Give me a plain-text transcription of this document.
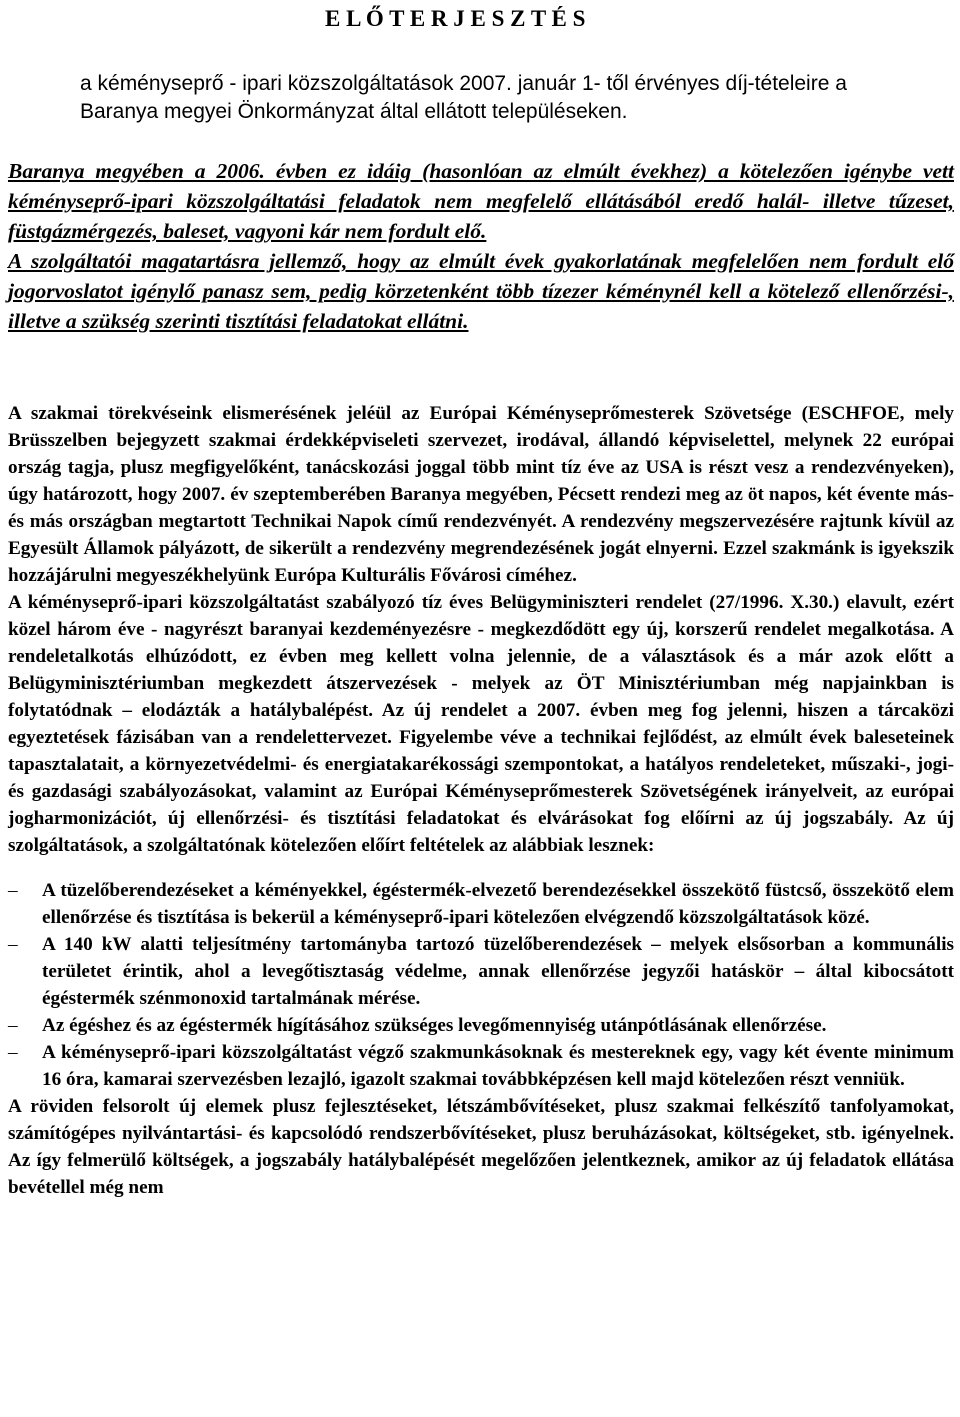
E L Ő T E R J E S Z T É S
a kéményseprő - ipari közszolgáltatások 2007. január 1- től érvényes díj-tételeire a Baranya megyei Önkormányzat által ellátott településeken.

Baranya megyében a 2006. évben ez idáig (hasonlóan az elmúlt évekhez) a kötelezően igénybe vett kéményseprő-ipari közszolgáltatási feladatok nem megfelelő ellátásából eredő halál- illetve tűzeset, füstgázmérgezés, baleset, vagyoni kár nem fordult elő.

A szolgáltatói magatartásra jellemző, hogy az elmúlt évek gyakorlatának megfelelően nem fordult elő jogorvoslatot igénylő panasz sem, pedig körzetenként több tízezer kéménynél kell a kötelező ellenőrzési-, illetve a szükség szerinti tisztítási feladatokat ellátni.

A szakmai törekvéseink elismerésének jeléül az Európai Kéményseprőmesterek Szövetsége (ESCHFOE, mely Brüsszelben bejegyzett szakmai érdekképviseleti szervezet, irodával, állandó képviselettel, melynek 22 európai ország tagja, plusz megfigyelőként, tanácskozási joggal több mint tíz éve az USA is részt vesz a rendezvényeken), úgy határozott, hogy 2007. év szeptemberében Baranya megyében, Pécsett rendezi meg az öt napos, két évente más- és más országban megtartott Technikai Napok című rendezvényét. A rendezvény megszervezésére rajtunk kívül az Egyesült Államok pályázott, de sikerült a rendezvény megrendezésének jogát elnyerni. Ezzel szakmánk is igyekszik hozzájárulni megyeszékhelyünk Európa Kulturális Fővárosi címéhez.

A kéményseprő-ipari közszolgáltatást szabályozó tíz éves Belügyminiszteri rendelet (27/1996. X.30.) elavult, ezért közel három éve - nagyrészt baranyai kezdeményezésre - megkezdődött egy új, korszerű rendelet megalkotása. A rendeletalkotás elhúzódott, ez évben meg kellett volna jelennie, de a választások és a már azok előtt a Belügyminisztériumban megkezdett átszervezések - melyek az ÖT Minisztériumban még napjainkban is folytatódnak – elodázták a hatálybalépést. Az új rendelet a 2007. évben meg fog jelenni, hiszen a tárcaközi egyeztetések fázisában van a rendelettervezet. Figyelembe véve a technikai fejlődést, az elmúlt évek baleseteinek tapasztalatait, a környezetvédelmi- és energiatakarékossági szempontokat, a hatályos rendeleteket, műszaki-, jogi- és gazdasági szabályozásokat, valamint az Európai Kéményseprőmesterek Szövetségének irányelveit, az európai jogharmonizációt, új ellenőrzési- és tisztítási feladatokat és elvárásokat fog előírni az új jogszabály. Az új szolgáltatások, a szolgáltatónak kötelezően előírt feltételek az alábbiak lesznek:

– A tüzelőberendezéseket a kéményekkel, égéstermék-elvezető berendezésekkel összekötő füstcső, összekötő elem ellenőrzése és tisztítása is bekerül a kéményseprő-ipari kötelezően elvégzendő közszolgáltatások közé.
– A 140 kW alatti teljesítmény tartományba tartozó tüzelőberendezések – melyek elsősorban a kommunális területet érintik, ahol a levegőtisztaság védelme, annak ellenőrzése jegyzői hatáskör – által kibocsátott égéstermék szénmonoxid tartalmának mérése.
– Az égéshez és az égéstermék hígításához szükséges levegőmennyiség utánpótlásának ellenőrzése.
– A kéményseprő-ipari közszolgáltatást végző szakmunkásoknak és mestereknek egy, vagy két évente minimum 16 óra, kamarai szervezésben lezajló, igazolt szakmai továbbképzésen kell majd kötelezően részt venniük.

A röviden felsorolt új elemek plusz fejlesztéseket, létszámbővítéseket, plusz szakmai felkészítő tanfolyamokat, számítógépes nyilvántartási- és kapcsolódó rendszerbővítéseket, plusz beruházásokat, költségeket, stb. igényelnek. Az így felmerülő költségek, a jogszabály hatálybalépését megelőzően jelentkeznek, amikor az új feladatok ellátása bevétellel még nem
